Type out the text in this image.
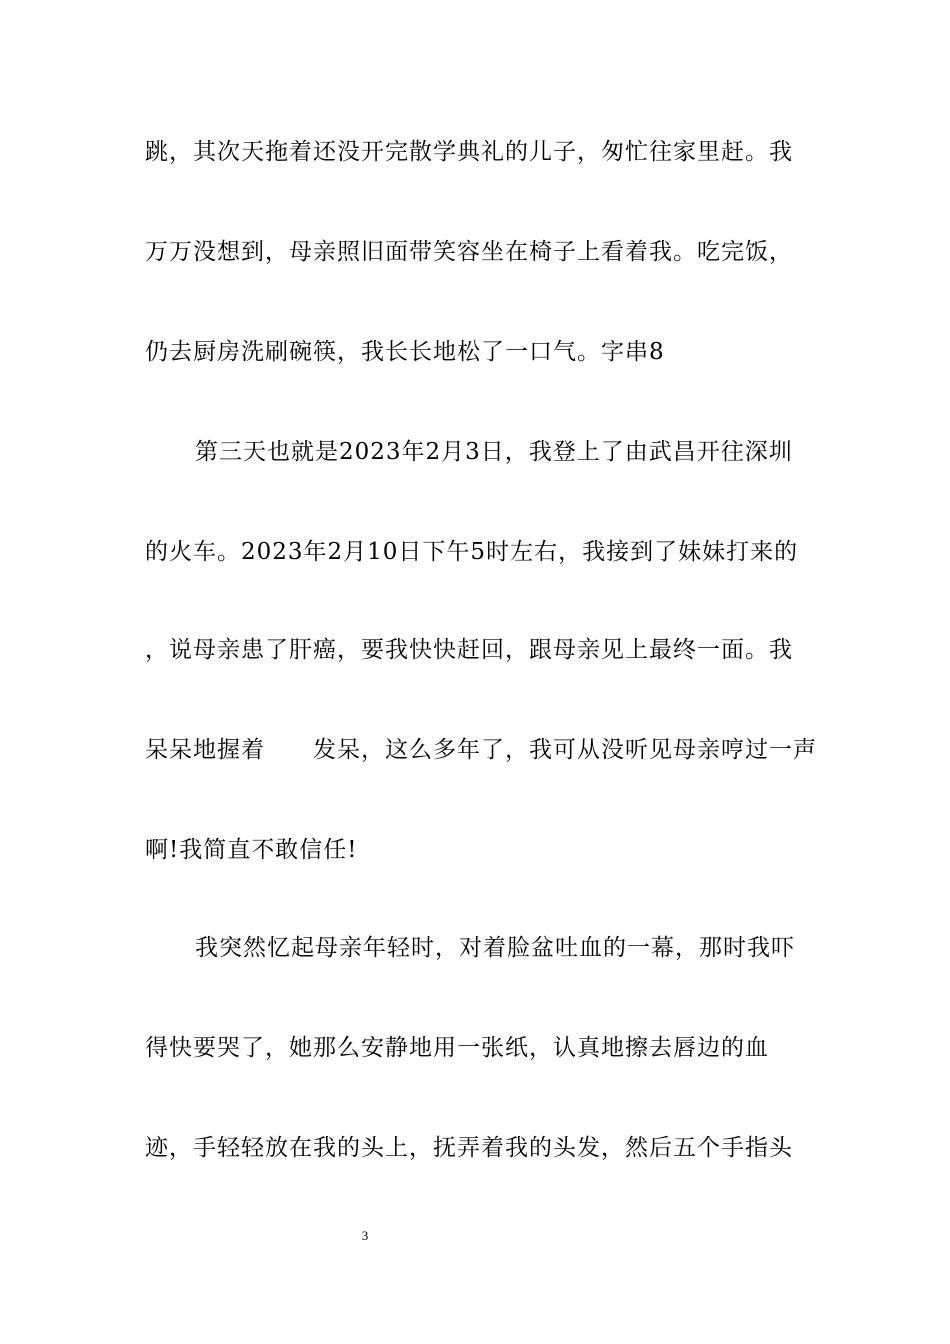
跳，其次天拖着还没开完散学典礼的儿子，匆忙往家里赶。我
万万没想到，母亲照旧面带笑容坐在椅子上看着我。吃完饭，
仍去厨房洗刷碗筷，我长长地松了一口气。字串8
第三天也就是2023年2月3日，我登上了由武昌开往深圳
的火车。2023年2月10日下午5时左右，我接到了妹妹打来的
，说母亲患了肝癌，要我快快赶回，跟母亲见上最终一面。我
呆呆地握着　　发呆，这么多年了，我可从没听见母亲哼过一声
啊!我简直不敢信任!
我突然忆起母亲年轻时，对着脸盆吐血的一幕，那时我吓
得快要哭了，她那么安静地用一张纸，认真地擦去唇边的血
迹，手轻轻放在我的头上，抚弄着我的头发，然后五个手指头
3
